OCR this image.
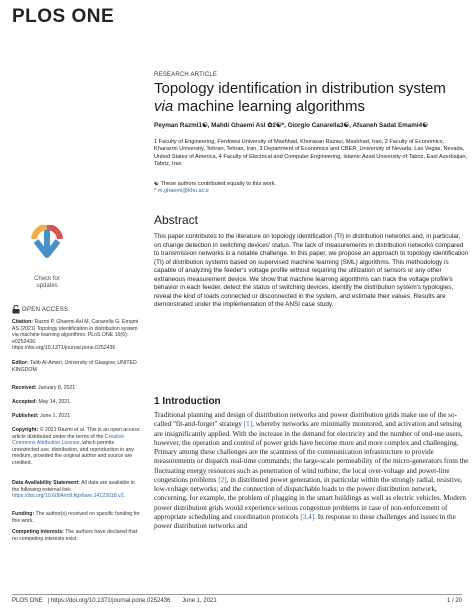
PLOS ONE
RESEARCH ARTICLE
Topology identification in distribution system via machine learning algorithms
Peyman Razmi1☯, Mahdi Ghaemi Asl ✿2☯*, Giorgio Canarella3☯, Afsaneh Sadat Emami4☯
1 Faculty of Engineering, Ferdowsi University of Mashhad, Khorasan Razavi, Mashhad, Iran, 2 Faculty of Economics, Kharazmi University, Tehran, Tehran, Iran, 3 Department of Economics and CBER, University of Nevada, Las Vegas, Nevada, United States of America, 4 Faculty of Electrical and Computer Engineering, Islamic Azad University of Tabriz, East Azerbaijan, Tabriz, Iran
☯ These authors contributed equally to this work.
* m.ghaemi@khu.ac.ir
Abstract
This paper contributes to the literature on topology identification (TI) in distribution networks and, in particular, on change detection in switching devices' status. The lack of measurements in distribution networks compared to transmission networks is a notable challenge. In this paper, we propose an approach to topology identification (TI) of distribution systems based on supervised machine learning (SML) algorithms. This methodology is capable of analyzing the feeder's voltage profile without requiring the utilization of sensors or any other extraneous measurement device. We show that machine learning algorithms can track the voltage profile's behavior in each feeder, detect the status of switching devices, identify the distribution system's typologies, reveal the kind of loads connected or disconnected in the system, and estimate their values. Results are demonstrated under the implementation of the ANSI case study.
Check for updates
OPEN ACCESS
Citation: Razmi P, Ghaemi Asl M, Canarella G, Emami AS (2021) Topology identification in distribution system via machine learning algorithms. PLoS ONE 16(6): e0252436. https://doi.org/10.1371/journal.pone.0252436
Editor: Talib Al-Ameri, University of Glasgow, UNITED KINGDOM
Received: January 8, 2021
Accepted: May 14, 2021
Published: June 1, 2021
Copyright: © 2021 Razmi et al. This is an open access article distributed under the terms of the Creative Commons Attribution License, which permits unrestricted use, distribution, and reproduction in any medium, provided the original author and source are credited.
Data Availability Statement: All data are available in the following external link: https://doi.org/10.6084/m9.figshare.14123018.v2.
Funding: The author(s) received no specific funding for this work.
Competing interests: The authors have declared that no competing interests exist.
1 Introduction
Traditional planning and design of distribution networks and power distribution grids make use of the so-called "fit-and-forget" strategy [1], whereby networks are minimally monitored, and activation and sensing are insignificantly applied. With the increase in the demand for electricity and the number of end-use users, however, the operation and control of power grids have become more and more complex and challenging. Primary among these challenges are the scantness of the communication infrastructure to provide measurements or dispatch real-time commands; the large-scale permeability of the micro-generators from the fluctuating energy resources such as penetration of wind turbine; the local over-voltage and power-line congestions problems [2], in distributed power generation, in particular within the strongly radial, resistive, low-voltage networks; and the connection of dispatchable loads to the power distribution network, concerning, for example, the problem of plugging in the smart buildings as well as electric vehicles. Modern power distribution grids would experience serious congestion problems in case of non-enforcement of appropriate scheduling and coordination protocols [3,4]. In response to these challenges and issues in the power distribution networks and
PLOS ONE | https://doi.org/10.1371/journal.pone.0252436 June 1, 2021	1 / 20
